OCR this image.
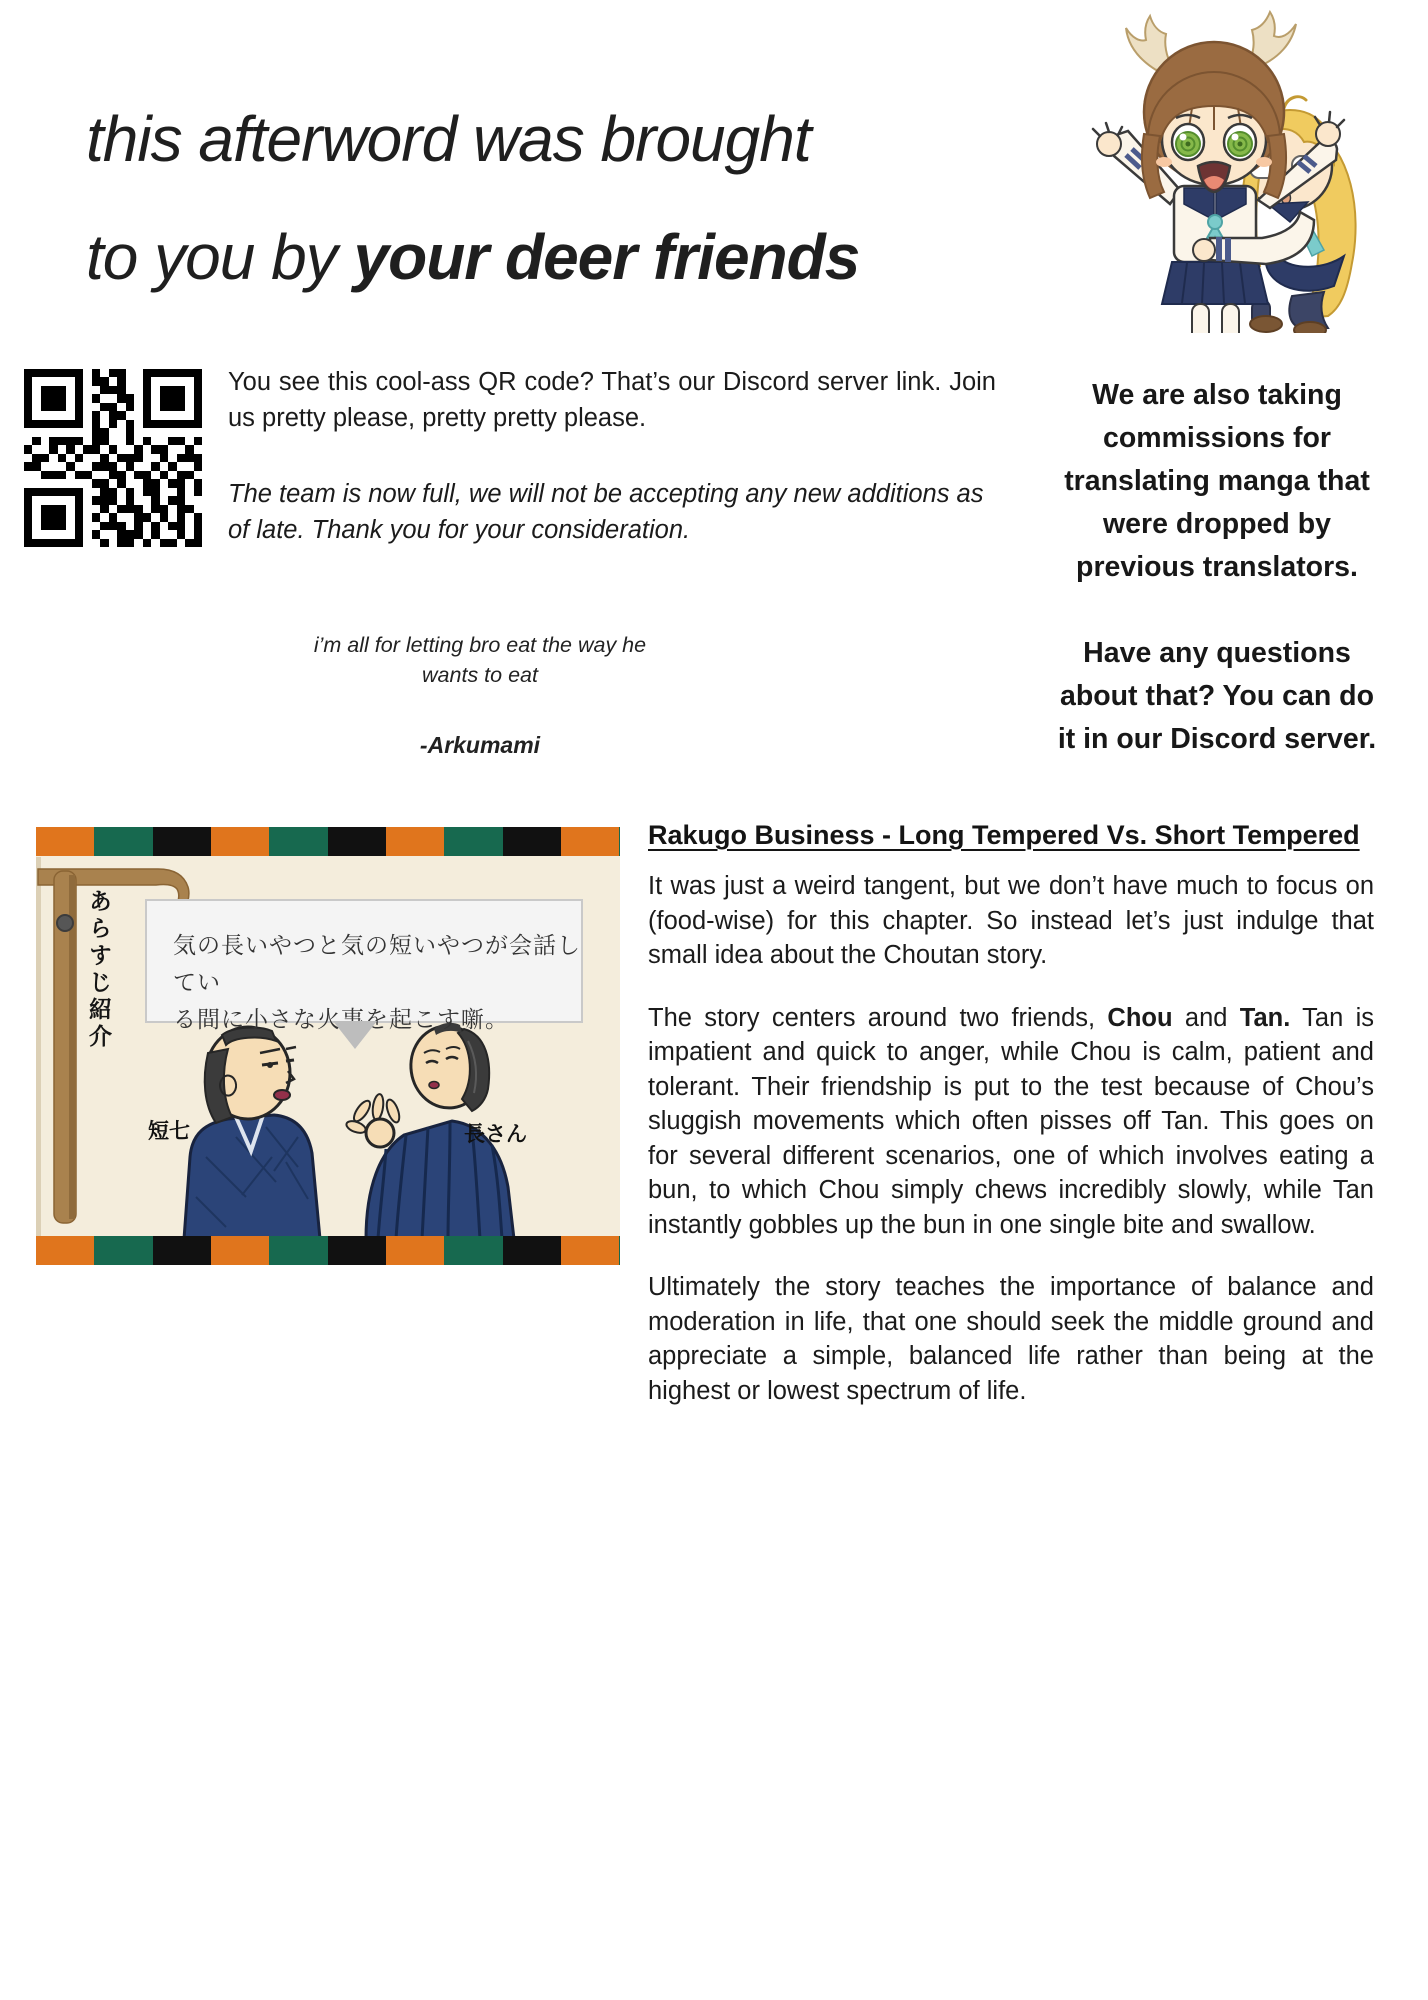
this afterword was brought
to you by your deer friends

You see this cool-ass QR code? That’s our Discord server link. Join us pretty please, pretty pretty please.

The team is now full, we will not be accepting any new additions as of late. Thank you for your consideration.

i’m all for letting bro eat the way he
wants to eat
-Arkumami
We are also taking
commissions for
translating manga that
were dropped by
previous translators.
Have any questions
about that? You can do
it in our Discord server.
あらすじ紹介	気の長いやつと気の短いやつが会話してい
る間に小さな火事を起こす噺。
短七	長さん
Rakugo Business - Long Tempered Vs. Short Tempered

It was just a weird tangent, but we don’t have much to focus on (food-wise) for this chapter. So instead let’s just indulge that small idea about the Choutan story.

The story centers around two friends, Chou and Tan. Tan is impatient and quick to anger, while Chou is calm, patient and tolerant. Their friendship is put to the test because of Chou’s sluggish movements which often pisses off Tan. This goes on for several different scenarios, one of which involves eating a bun, to which Chou simply chews incredibly slowly, while Tan instantly gobbles up the bun in one single bite and swallow.

Ultimately the story teaches the importance of balance and moderation in life, that one should seek the middle ground and appreciate a simple, balanced life rather than being at the highest or lowest spectrum of life.
